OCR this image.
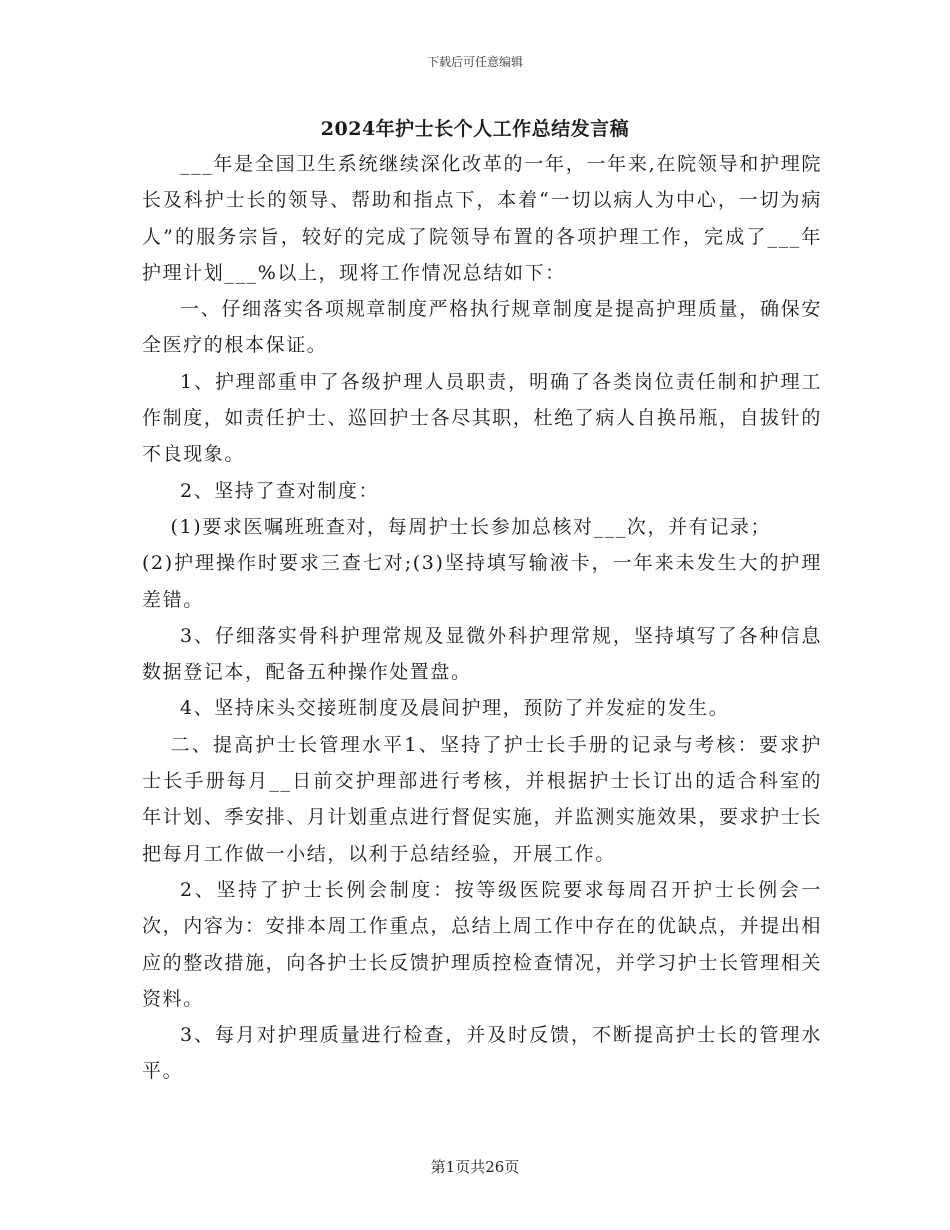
下载后可任意编辑
2024年护士长个人工作总结发言稿

___年是全国卫生系统继续深化改革的一年，一年来,在院领导和护理院长及科护士长的领导、帮助和指点下，本着“一切以病人为中心，一切为病人”的服务宗旨，较好的完成了院领导布置的各项护理工作，完成了___年护理计划___%以上，现将工作情况总结如下：

一、仔细落实各项规章制度严格执行规章制度是提高护理质量，确保安全医疗的根本保证。

1、护理部重申了各级护理人员职责，明确了各类岗位责任制和护理工作制度，如责任护士、巡回护士各尽其职，杜绝了病人自换吊瓶，自拔针的不良现象。

2、坚持了查对制度：

(1)要求医嘱班班查对，每周护士长参加总核对___次，并有记录；

(2)护理操作时要求三查七对;(3)坚持填写输液卡，一年来未发生大的护理差错。

3、仔细落实骨科护理常规及显微外科护理常规，坚持填写了各种信息数据登记本，配备五种操作处置盘。

4、坚持床头交接班制度及晨间护理，预防了并发症的发生。

二、提高护士长管理水平1、坚持了护士长手册的记录与考核：要求护士长手册每月__日前交护理部进行考核，并根据护士长订出的适合科室的年计划、季安排、月计划重点进行督促实施，并监测实施效果，要求护士长把每月工作做一小结，以利于总结经验，开展工作。

2、坚持了护士长例会制度：按等级医院要求每周召开护士长例会一次，内容为：安排本周工作重点，总结上周工作中存在的优缺点，并提出相应的整改措施，向各护士长反馈护理质控检查情况，并学习护士长管理相关资料。

3、每月对护理质量进行检查，并及时反馈，不断提高护士长的管理水平。

第1页共26页
